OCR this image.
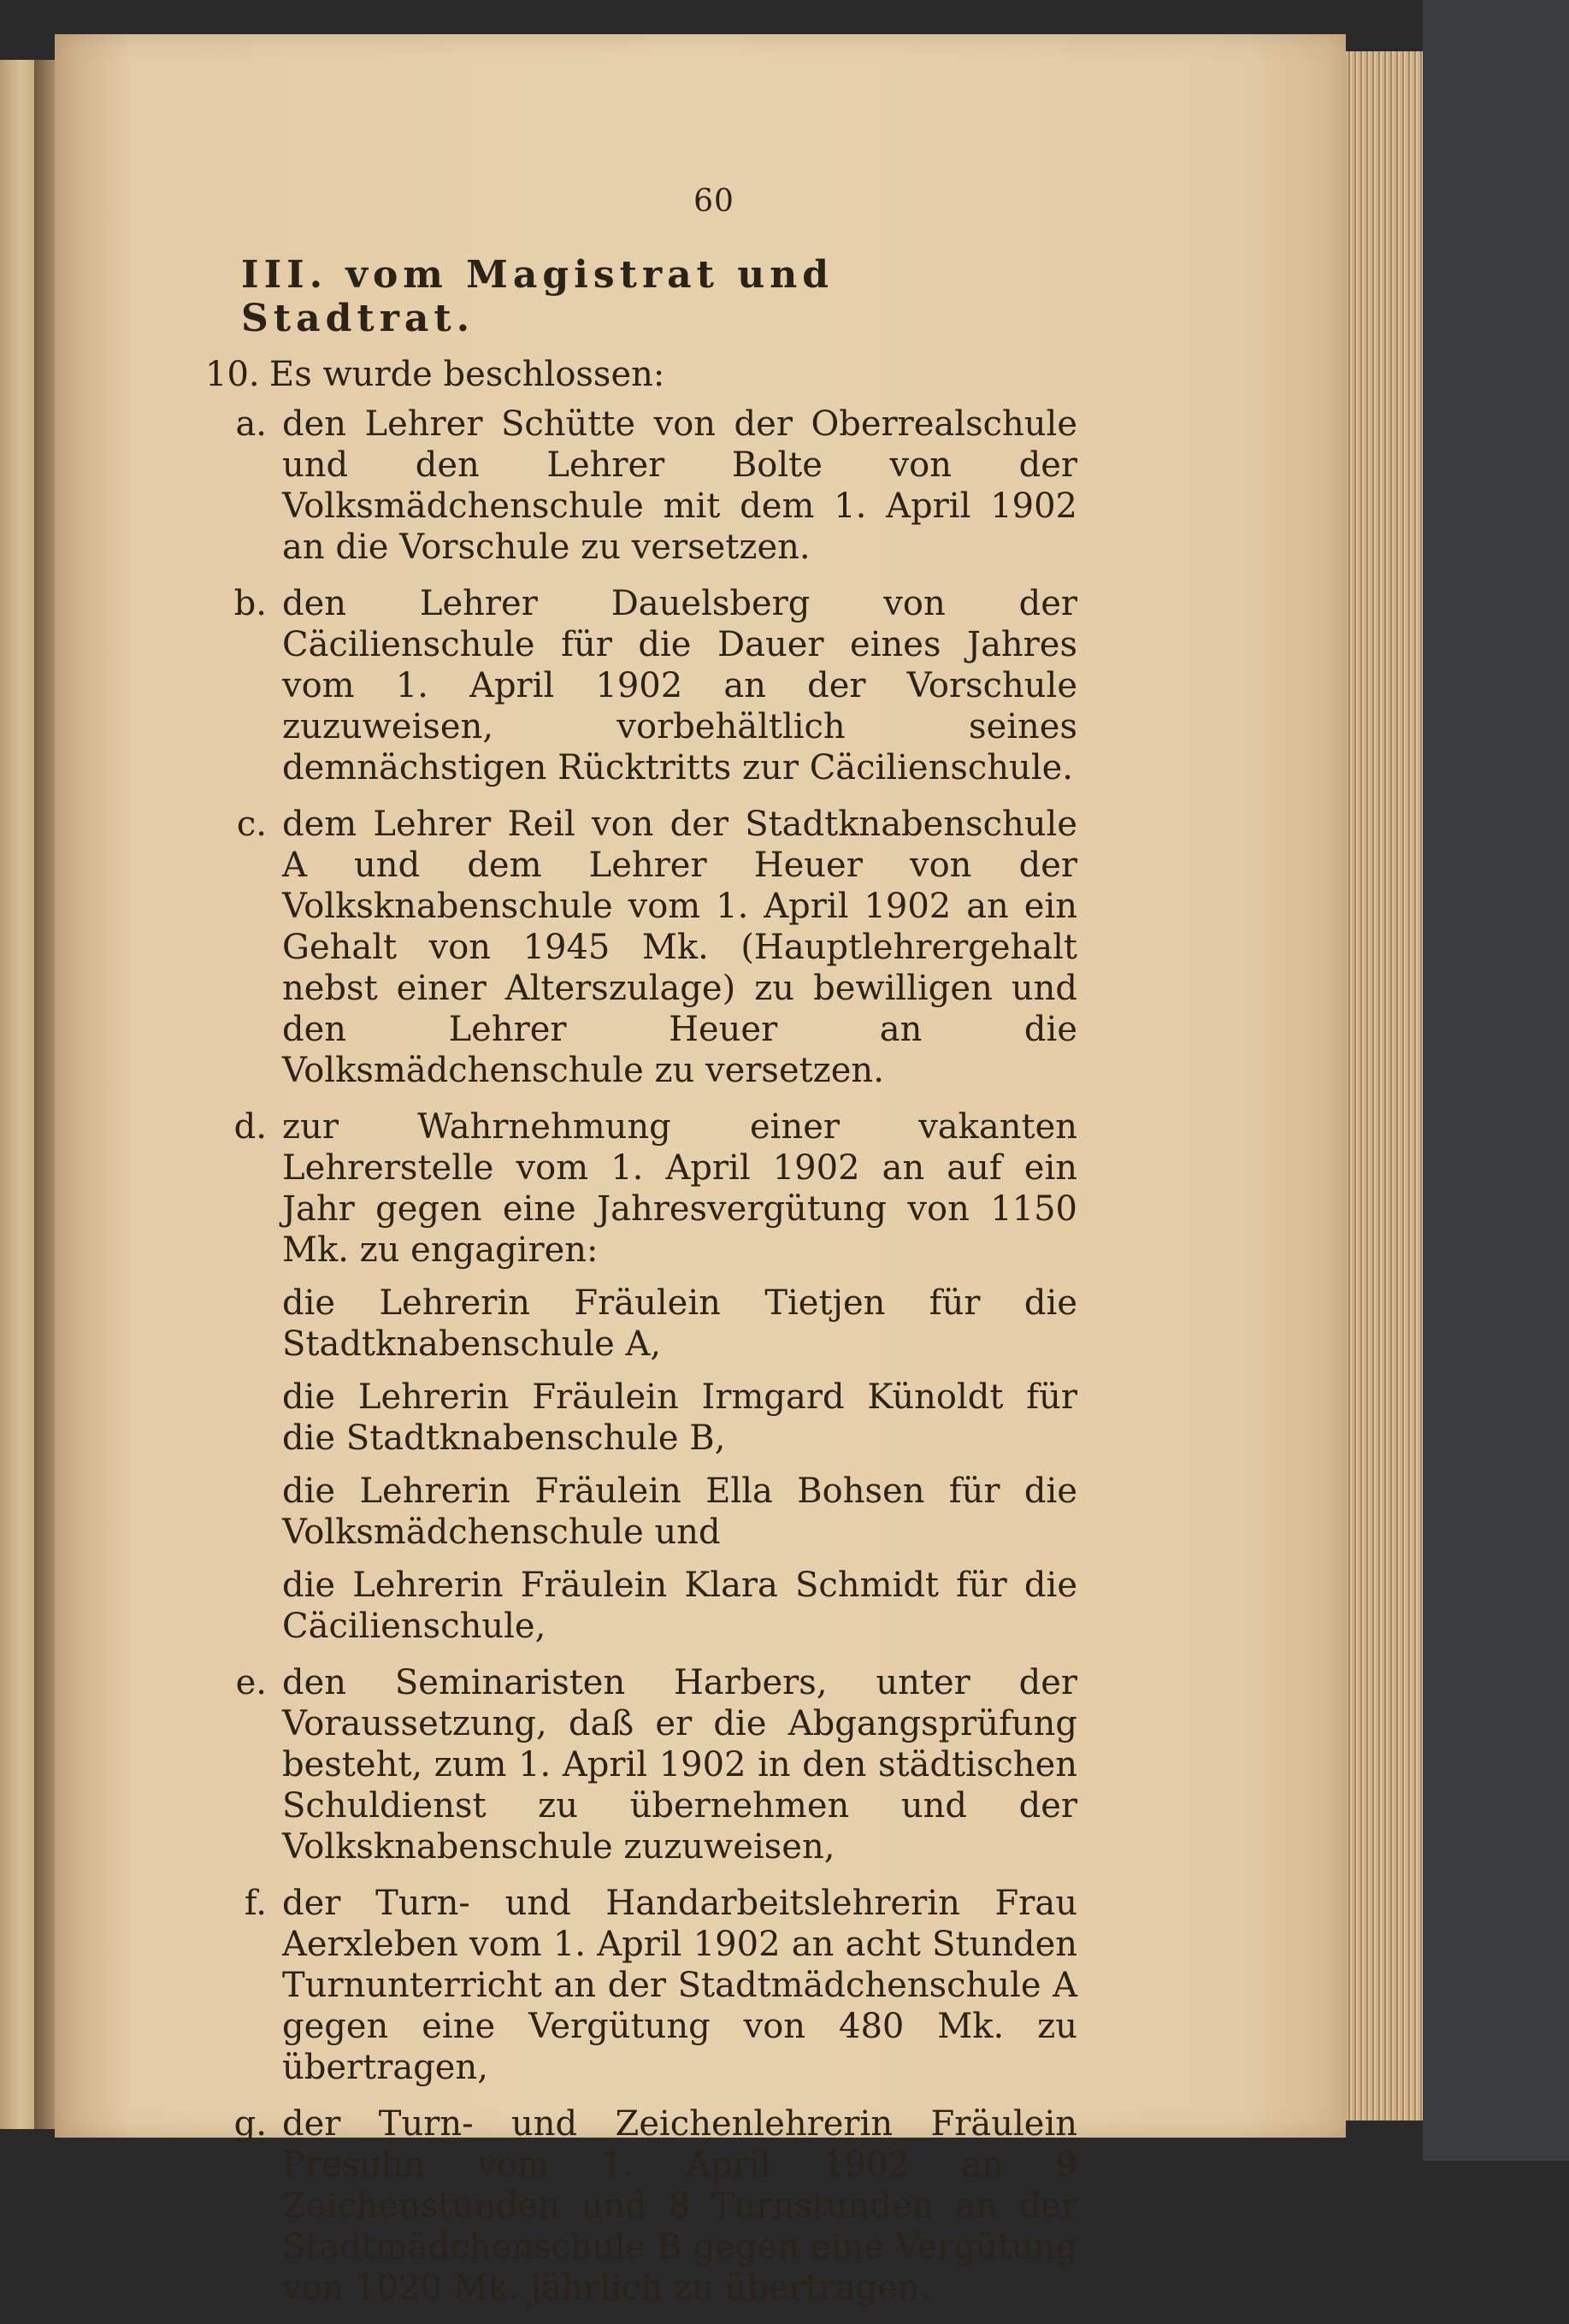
60
III. vom Magistrat und Stadtrat.
10. Es wurde beschlossen:
a. den Lehrer Schütte von der Oberrealschule und den Lehrer Bolte von der Volksmädchenschule mit dem 1. April 1902 an die Vorschule zu versetzen.

b. den Lehrer Dauelsberg von der Cäcilienschule für die Dauer eines Jahres vom 1. April 1902 an der Vorschule zuzuweisen, vorbehältlich seines demnächstigen Rücktritts zur Cäcilienschule.

c. dem Lehrer Reil von der Stadtknabenschule A und dem Lehrer Heuer von der Volksknabenschule vom 1. April 1902 an ein Gehalt von 1945 Mk. (Hauptlehrergehalt nebst einer Alterszulage) zu bewilligen und den Lehrer Heuer an die Volksmädchenschule zu versetzen.

d. zur Wahrnehmung einer vakanten Lehrerstelle vom 1. April 1902 an auf ein Jahr gegen eine Jahresvergütung von 1150 Mk. zu engagiren:

die Lehrerin Fräulein Tietjen für die Stadtknabenschule A,

die Lehrerin Fräulein Irmgard Künoldt für die Stadtknabenschule B,

die Lehrerin Fräulein Ella Bohsen für die Volksmädchenschule und

die Lehrerin Fräulein Klara Schmidt für die Cäcilienschule,

e. den Seminaristen Harbers, unter der Voraussetzung, daß er die Abgangsprüfung besteht, zum 1. April 1902 in den städtischen Schuldienst zu übernehmen und der Volksknabenschule zuzuweisen,

f. der Turn- und Handarbeitslehrerin Frau Aerxleben vom 1. April 1902 an acht Stunden Turnunterricht an der Stadtmädchenschule A gegen eine Vergütung von 480 Mk. zu übertragen,

g. der Turn- und Zeichenlehrerin Fräulein Presuhn vom 1. April 1902 an 9 Zeichenstunden und 8 Turnstunden an der Stadtmädchenschule B gegen eine Vergütung von 1020 Mk. jährlich zu übertragen.
